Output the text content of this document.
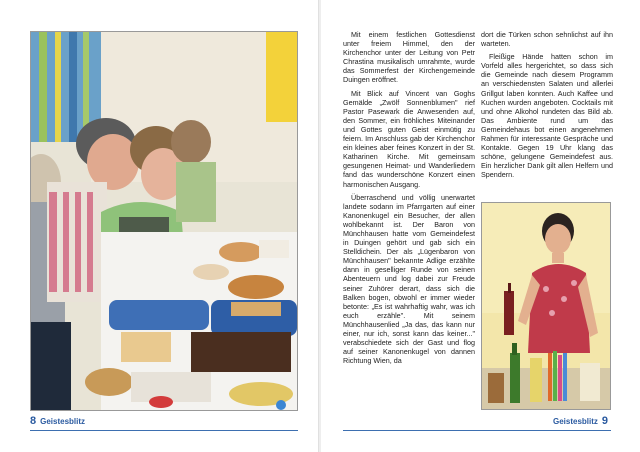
8 Geistesblitz

Mit einem festlichen Gottesdienst unter freiem Himmel, den der Kirchenchor unter der Leitung von Petr Chrastina musikalisch umrahmte, wurde das Sommerfest der Kirchengemeinde Duingen eröffnet.

Mit Blick auf Vincent van Goghs Gemälde „Zwölf Sonnenblumen" rief Pastor Pasewark die Anwesenden auf, den Sommer, ein fröhliches Miteinander und Gottes guten Geist einmütig zu feiern. Im Anschluss gab der Kirchenchor ein kleines aber feines Konzert in der St. Katharinen Kirche. Mit gemeinsam gesungenen Heimat- und Wanderliedern fand das wunderschöne Konzert einen harmonischen Ausgang.

Überraschend und völlig unerwartet landete sodann im Pfarrgarten auf einer Kanonenkugel ein Besucher, der allen wohlbekannt ist. Der Baron von Münchhausen hatte vom Gemeindefest in Duingen gehört und gab sich ein Stelldichein. Der als „Lügenbaron von Münchhausen" bekannte Adlige erzählte dann in geselliger Runde von seinen Abenteuern und log dabei zur Freude seiner Zuhörer derart, dass sich die Balken bogen, obwohl er immer wieder betonte: „Es ist wahrhaftig wahr, was ich euch erzähle". Mit seinem Münchhausenlied „Ja das, das kann nur einer, nur ich, sonst kann das keiner..." verabschiedete sich der Gast und flog auf seiner Kanonenkugel von dannen Richtung Wien, da

dort die Türken schon sehnlichst auf ihn warteten.

Fleißige Hände hatten schon im Vorfeld alles hergerichtet, so dass sich die Gemeinde nach diesem Programm an verschiedensten Salaten und allerlei Grillgut laben konnten. Auch Kaffee und Kuchen wurden angeboten. Cocktails mit und ohne Alkohol rundeten das Bild ab. Das Ambiente rund um das Gemeindehaus bot einen angenehmen Rahmen für interessante Gespräche und Kontakte. Gegen 19 Uhr klang das schöne, gelungene Gemeindefest aus. Ein herzlicher Dank gilt allen Helfern und Spendern.

Geistesblitz 9
